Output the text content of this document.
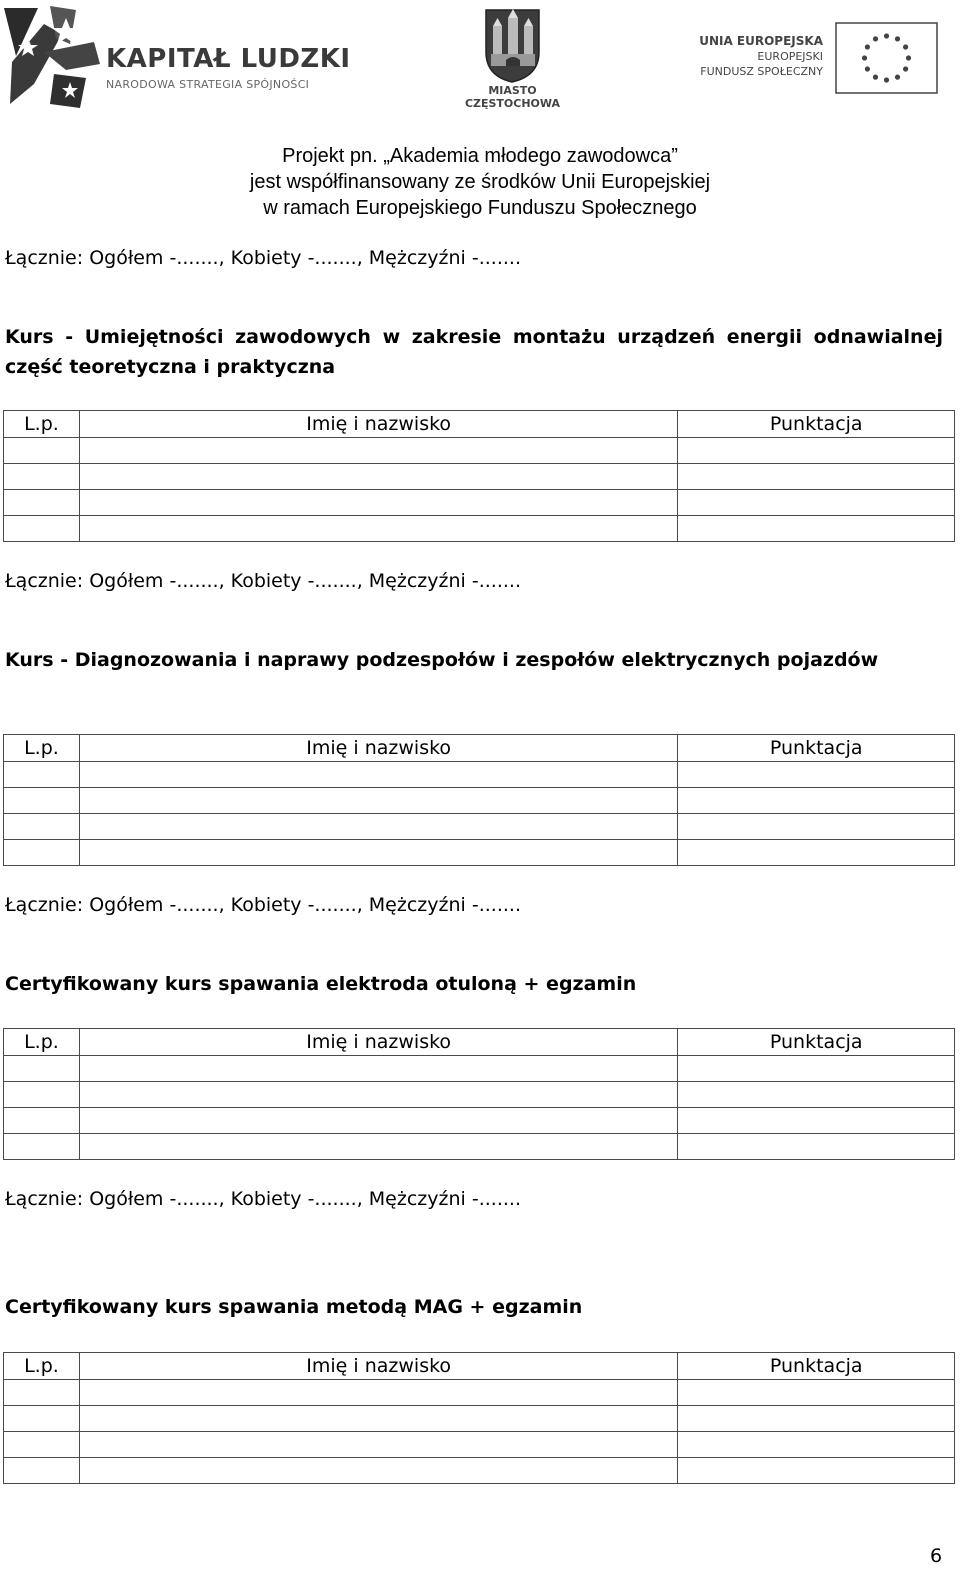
KAPITAŁ LUDZKI
NARODOWA STRATEGIA SPÓJNOŚCI	MIASTO
CZĘSTOCHOWA
UNIA EUROPEJSKA
EUROPEJSKI
FUNDUSZ SPOŁECZNY
Projekt pn. „Akademia młodego zawodowca”
jest współfinansowany ze środków Unii Europejskiej
w ramach Europejskiego Funduszu Społecznego
Łącznie: Ogółem -......., Kobiety -......., Mężczyźni -.......
Kurs - Umiejętności zawodowych w zakresie montażu urządzeń energii odnawialnej część teoretyczna i praktyczna
L.p.	Imię i nazwisko	Punktacja

Łącznie: Ogółem -......., Kobiety -......., Mężczyźni -.......
Kurs - Diagnozowania i naprawy podzespołów i zespołów elektrycznych pojazdów
L.p.	Imię i nazwisko	Punktacja

Łącznie: Ogółem -......., Kobiety -......., Mężczyźni -.......
Certyfikowany kurs spawania elektroda otuloną + egzamin
L.p.	Imię i nazwisko	Punktacja

Łącznie: Ogółem -......., Kobiety -......., Mężczyźni -.......
Certyfikowany kurs spawania metodą MAG + egzamin
L.p.	Imię i nazwisko	Punktacja

6
